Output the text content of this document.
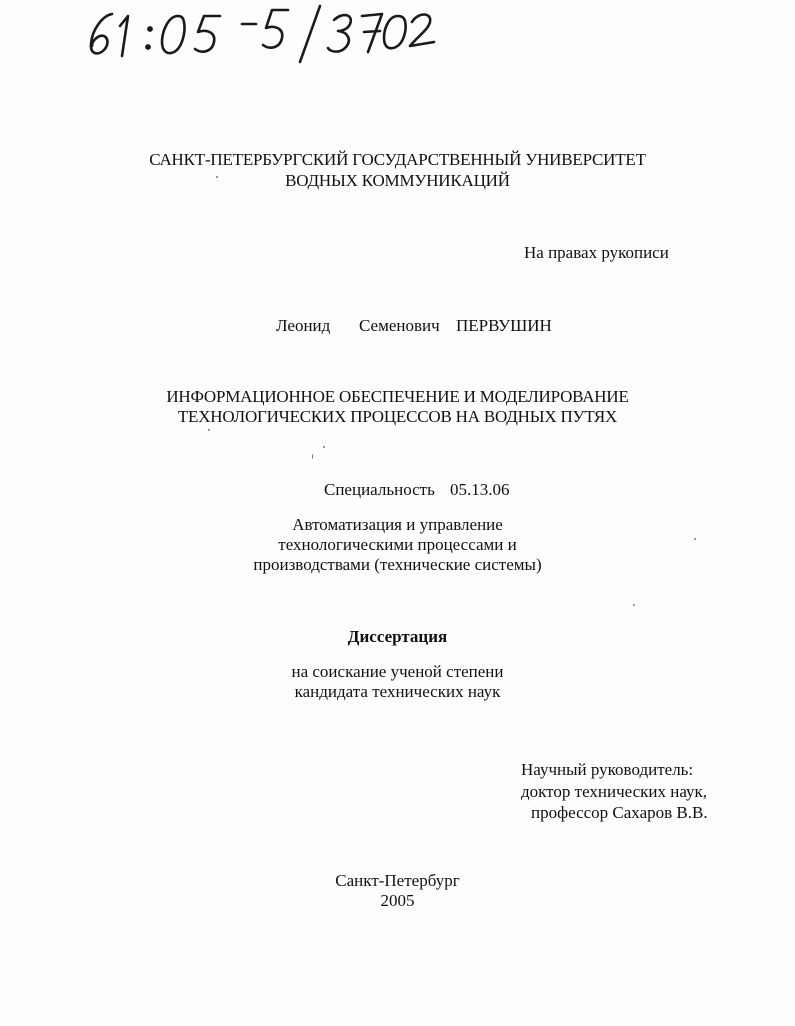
САНКТ-ПЕТЕРБУРГСКИЙ ГОСУДАРСТВЕННЫЙ УНИВЕРСИТЕТ
ВОДНЫХ КОММУНИКАЦИЙ
На правах рукописи
Леонид Семенович ПЕРВУШИН
ИНФОРМАЦИОННОЕ ОБЕСПЕЧЕНИЕ И МОДЕЛИРОВАНИЕ
ТЕХНОЛОГИЧЕСКИХ ПРОЦЕССОВ НА ВОДНЫХ ПУТЯХ
Специальность 05.13.06
Автоматизация и управление
технологическими процессами и
производствами (технические системы)
Диссертация
на соискание ученой степени
кандидата технических наук
Научный руководитель:
доктор технических наук,
профессор Сахаров В.В.
Санкт-Петербург
2005
